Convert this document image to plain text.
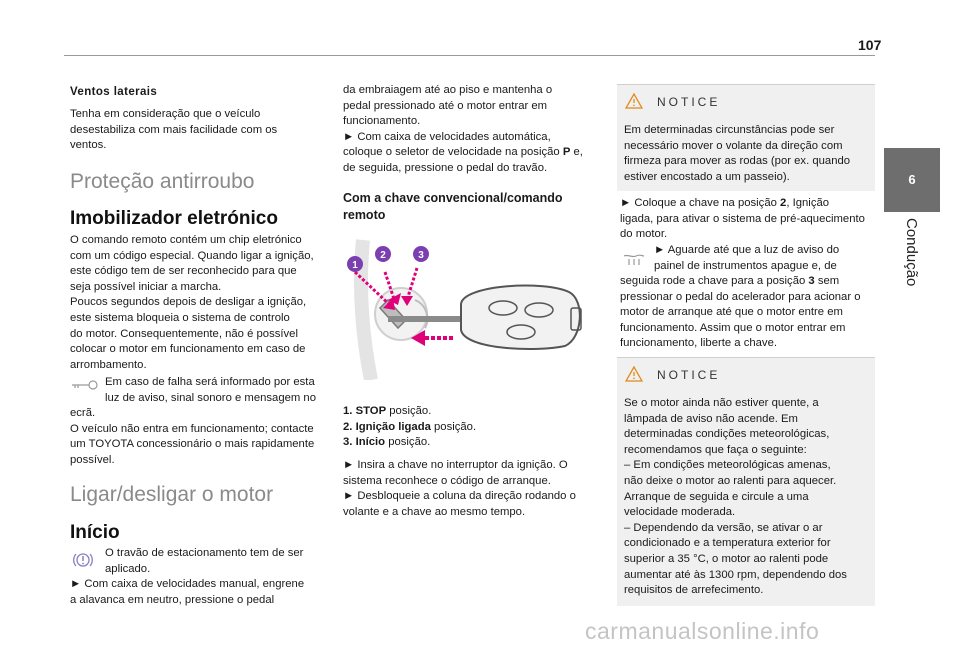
107
6
Condução
Ventos laterais

Tenha em consideração que o veículo

desestabiliza com mais facilidade com os

ventos.

Proteção antirroubo
Imobilizador eletrónico

O comando remoto contém um chip eletrónico

com um código especial. Quando ligar a ignição,

este código tem de ser reconhecido para que

seja possível iniciar a marcha.

Poucos segundos depois de desligar a ignição,

este sistema bloqueia o sistema de controlo

do motor. Consequentemente, não é possível

colocar o motor em funcionamento em caso de

arrombamento.

Em caso de falha será informado por esta

luz de aviso, sinal sonoro e mensagem no

ecrã.

O veículo não entra em funcionamento; contacte

um TOYOTA concessionário o mais rapidamente

possível.

Ligar/desligar o motor
Início

O travão de estacionamento tem de ser

aplicado.

► Com caixa de velocidades manual, engrene

a alavanca em neutro, pressione o pedal

da embraiagem até ao piso e mantenha o

pedal pressionado até o motor entrar em

funcionamento.

► Com caixa de velocidades automática,

coloque o seletor de velocidade na posição P e,

de seguida, pressione o pedal do travão.

Com a chave convencional/comando
remoto
1
2	3

1. STOP posição.

2. Ignição ligada posição.

3. Início posição.

► Insira a chave no interruptor da ignição. O

sistema reconhece o código de arranque.

► Desbloqueie a coluna da direção rodando o

volante e a chave ao mesmo tempo.

NOTICE

Em determinadas circunstâncias pode ser

necessário mover o volante da direção com

firmeza para mover as rodas (por ex. quando

estiver encostado a um passeio).

► Coloque a chave na posição 2, Ignição

ligada, para ativar o sistema de pré-aquecimento

do motor.

► Aguarde até que a luz de aviso do

painel de instrumentos apague e, de

seguida rode a chave para a posição 3 sem

pressionar o pedal do acelerador para acionar o

motor de arranque até que o motor entre em

funcionamento. Assim que o motor entrar em

funcionamento, liberte a chave.

NOTICE

Se o motor ainda não estiver quente, a

lâmpada de aviso não acende. Em

determinadas condições meteorológicas,

recomendamos que faça o seguinte:

– Em condições meteorológicas amenas,

não deixe o motor ao ralenti para aquecer.

Arranque de seguida e circule a uma

velocidade moderada.

– Dependendo da versão, se ativar o ar

condicionado e a temperatura exterior for

superior a 35 °C, o motor ao ralenti pode

aumentar até às 1300 rpm, dependendo dos

requisitos de arrefecimento.

carmanualsonline.info
